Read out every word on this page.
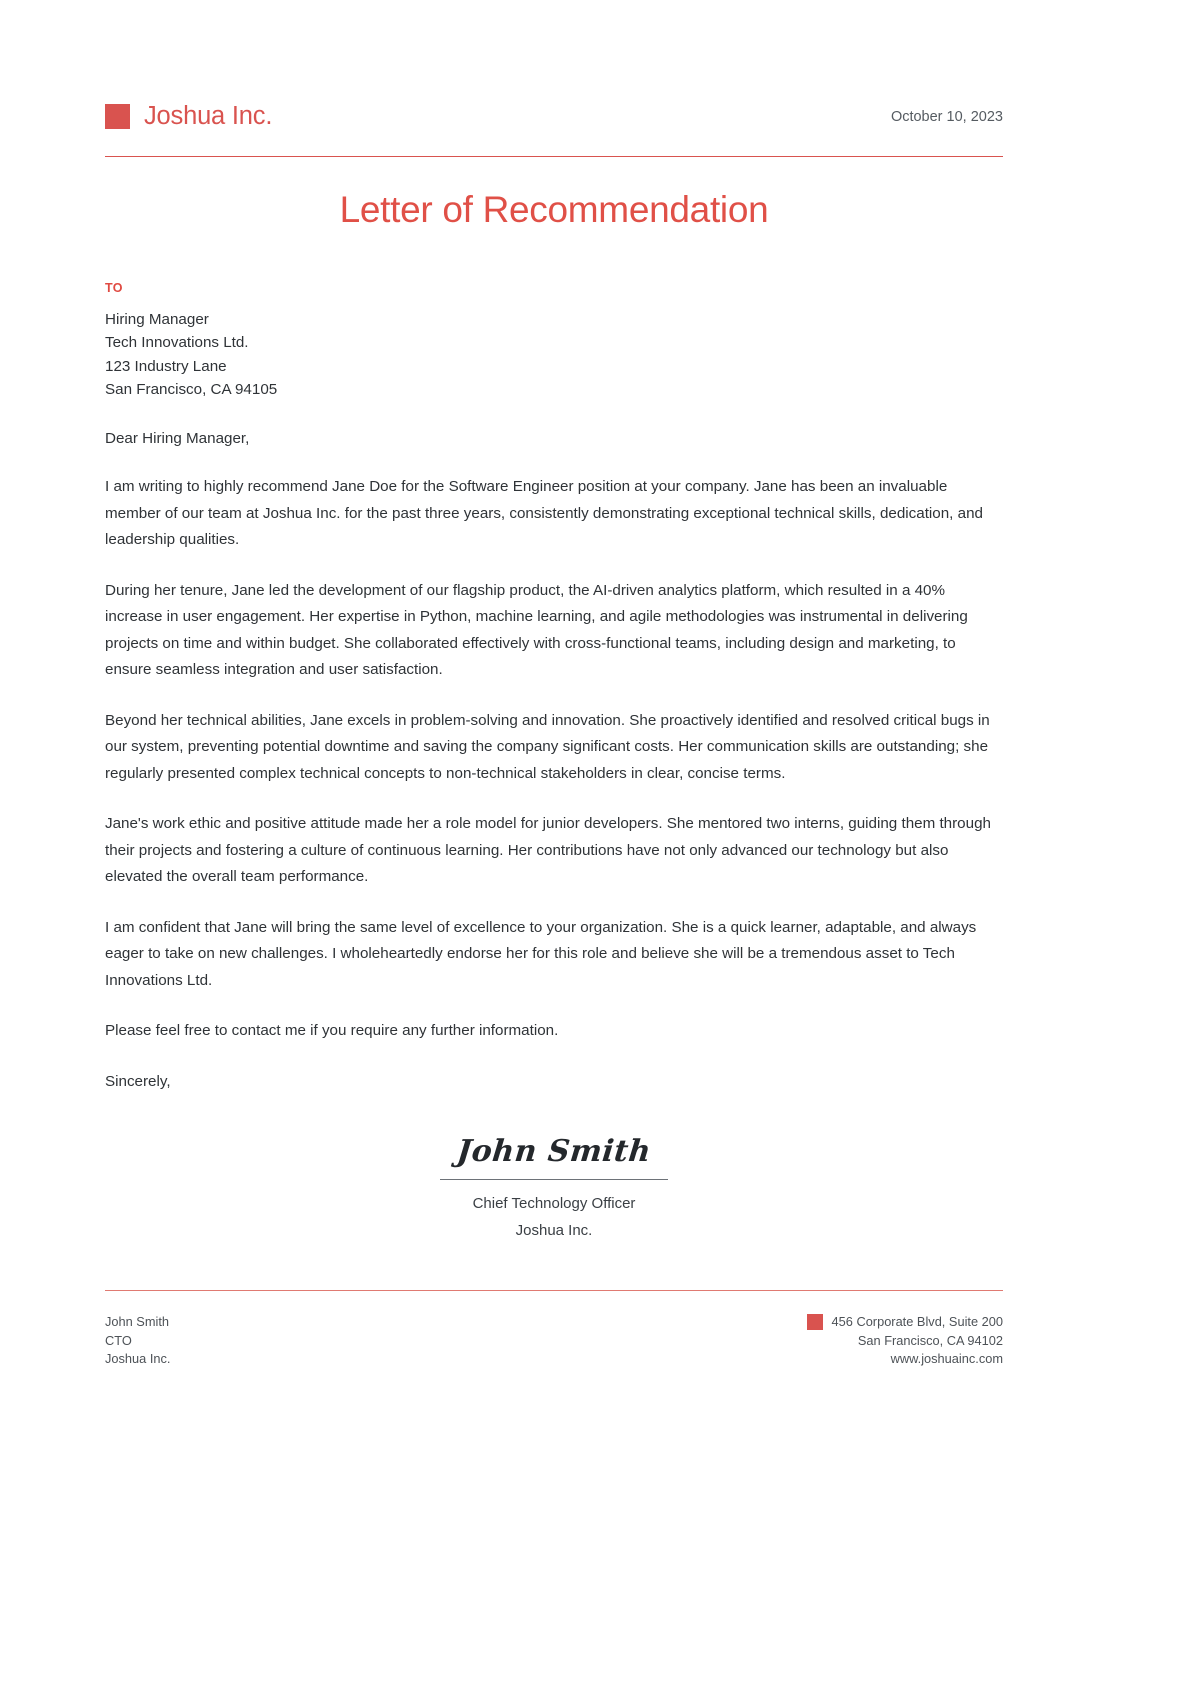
Joshua Inc.	October 10, 2023
Letter of Recommendation
TO
Hiring Manager
Tech Innovations Ltd.
123 Industry Lane
San Francisco, CA 94105
Dear Hiring Manager,

I am writing to highly recommend Jane Doe for the Software Engineer position at your company. Jane has been an invaluable member of our team at Joshua Inc. for the past three years, consistently demonstrating exceptional technical skills, dedication, and leadership qualities.

During her tenure, Jane led the development of our flagship product, the AI-driven analytics platform, which resulted in a 40% increase in user engagement. Her expertise in Python, machine learning, and agile methodologies was instrumental in delivering projects on time and within budget. She collaborated effectively with cross-functional teams, including design and marketing, to ensure seamless integration and user satisfaction.

Beyond her technical abilities, Jane excels in problem-solving and innovation. She proactively identified and resolved critical bugs in our system, preventing potential downtime and saving the company significant costs. Her communication skills are outstanding; she regularly presented complex technical concepts to non-technical stakeholders in clear, concise terms.

Jane's work ethic and positive attitude made her a role model for junior developers. She mentored two interns, guiding them through their projects and fostering a culture of continuous learning. Her contributions have not only advanced our technology but also elevated the overall team performance.

I am confident that Jane will bring the same level of excellence to your organization. She is a quick learner, adaptable, and always eager to take on new challenges. I wholeheartedly endorse her for this role and believe she will be a tremendous asset to Tech Innovations Ltd.

Please feel free to contact me if you require any further information.

Sincerely,

John Smith
Chief Technology Officer
Joshua Inc.
John Smith
CTO
Joshua Inc.
456 Corporate Blvd, Suite 200
San Francisco, CA 94102
www.joshuainc.com
